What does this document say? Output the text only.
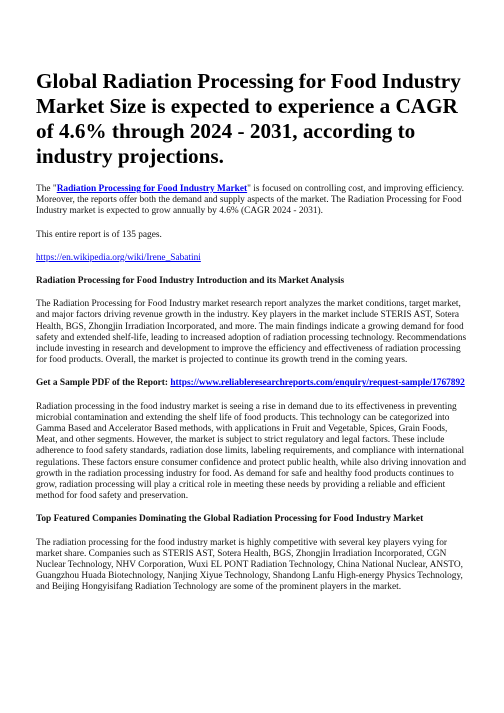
Global Radiation Processing for Food Industry Market Size is expected to experience a CAGR of 4.6% through 2024 - 2031, according to industry projections.

The "Radiation Processing for Food Industry Market" is focused on controlling cost, and improving efficiency. Moreover, the reports offer both the demand and supply aspects of the market. The Radiation Processing for Food Industry market is expected to grow annually by 4.6% (CAGR 2024 - 2031).

This entire report is of 135 pages.

https://en.wikipedia.org/wiki/Irene_Sabatini

Radiation Processing for Food Industry Introduction and its Market Analysis

The Radiation Processing for Food Industry market research report analyzes the market conditions, target market, and major factors driving revenue growth in the industry. Key players in the market include STERIS AST, Sotera Health, BGS, Zhongjin Irradiation Incorporated, and more. The main findings indicate a growing demand for food safety and extended shelf-life, leading to increased adoption of radiation processing technology. Recommendations include investing in research and development to improve the efficiency and effectiveness of radiation processing for food products. Overall, the market is projected to continue its growth trend in the coming years.

Get a Sample PDF of the Report: https://www.reliableresearchreports.com/enquiry/request-sample/1767892

Radiation processing in the food industry market is seeing a rise in demand due to its effectiveness in preventing microbial contamination and extending the shelf life of food products. This technology can be categorized into Gamma Based and Accelerator Based methods, with applications in Fruit and Vegetable, Spices, Grain Foods, Meat, and other segments. However, the market is subject to strict regulatory and legal factors. These include adherence to food safety standards, radiation dose limits, labeling requirements, and compliance with international regulations. These factors ensure consumer confidence and protect public health, while also driving innovation and growth in the radiation processing industry for food. As demand for safe and healthy food products continues to grow, radiation processing will play a critical role in meeting these needs by providing a reliable and efficient method for food safety and preservation.

Top Featured Companies Dominating the Global Radiation Processing for Food Industry Market

The radiation processing for the food industry market is highly competitive with several key players vying for market share. Companies such as STERIS AST, Sotera Health, BGS, Zhongjin Irradiation Incorporated, CGN Nuclear Technology, NHV Corporation, Wuxi EL PONT Radiation Technology, China National Nuclear, ANSTO, Guangzhou Huada Biotechnology, Nanjing Xiyue Technology, Shandong Lanfu High-energy Physics Technology, and Beijing Hongyisifang Radiation Technology are some of the prominent players in the market.
